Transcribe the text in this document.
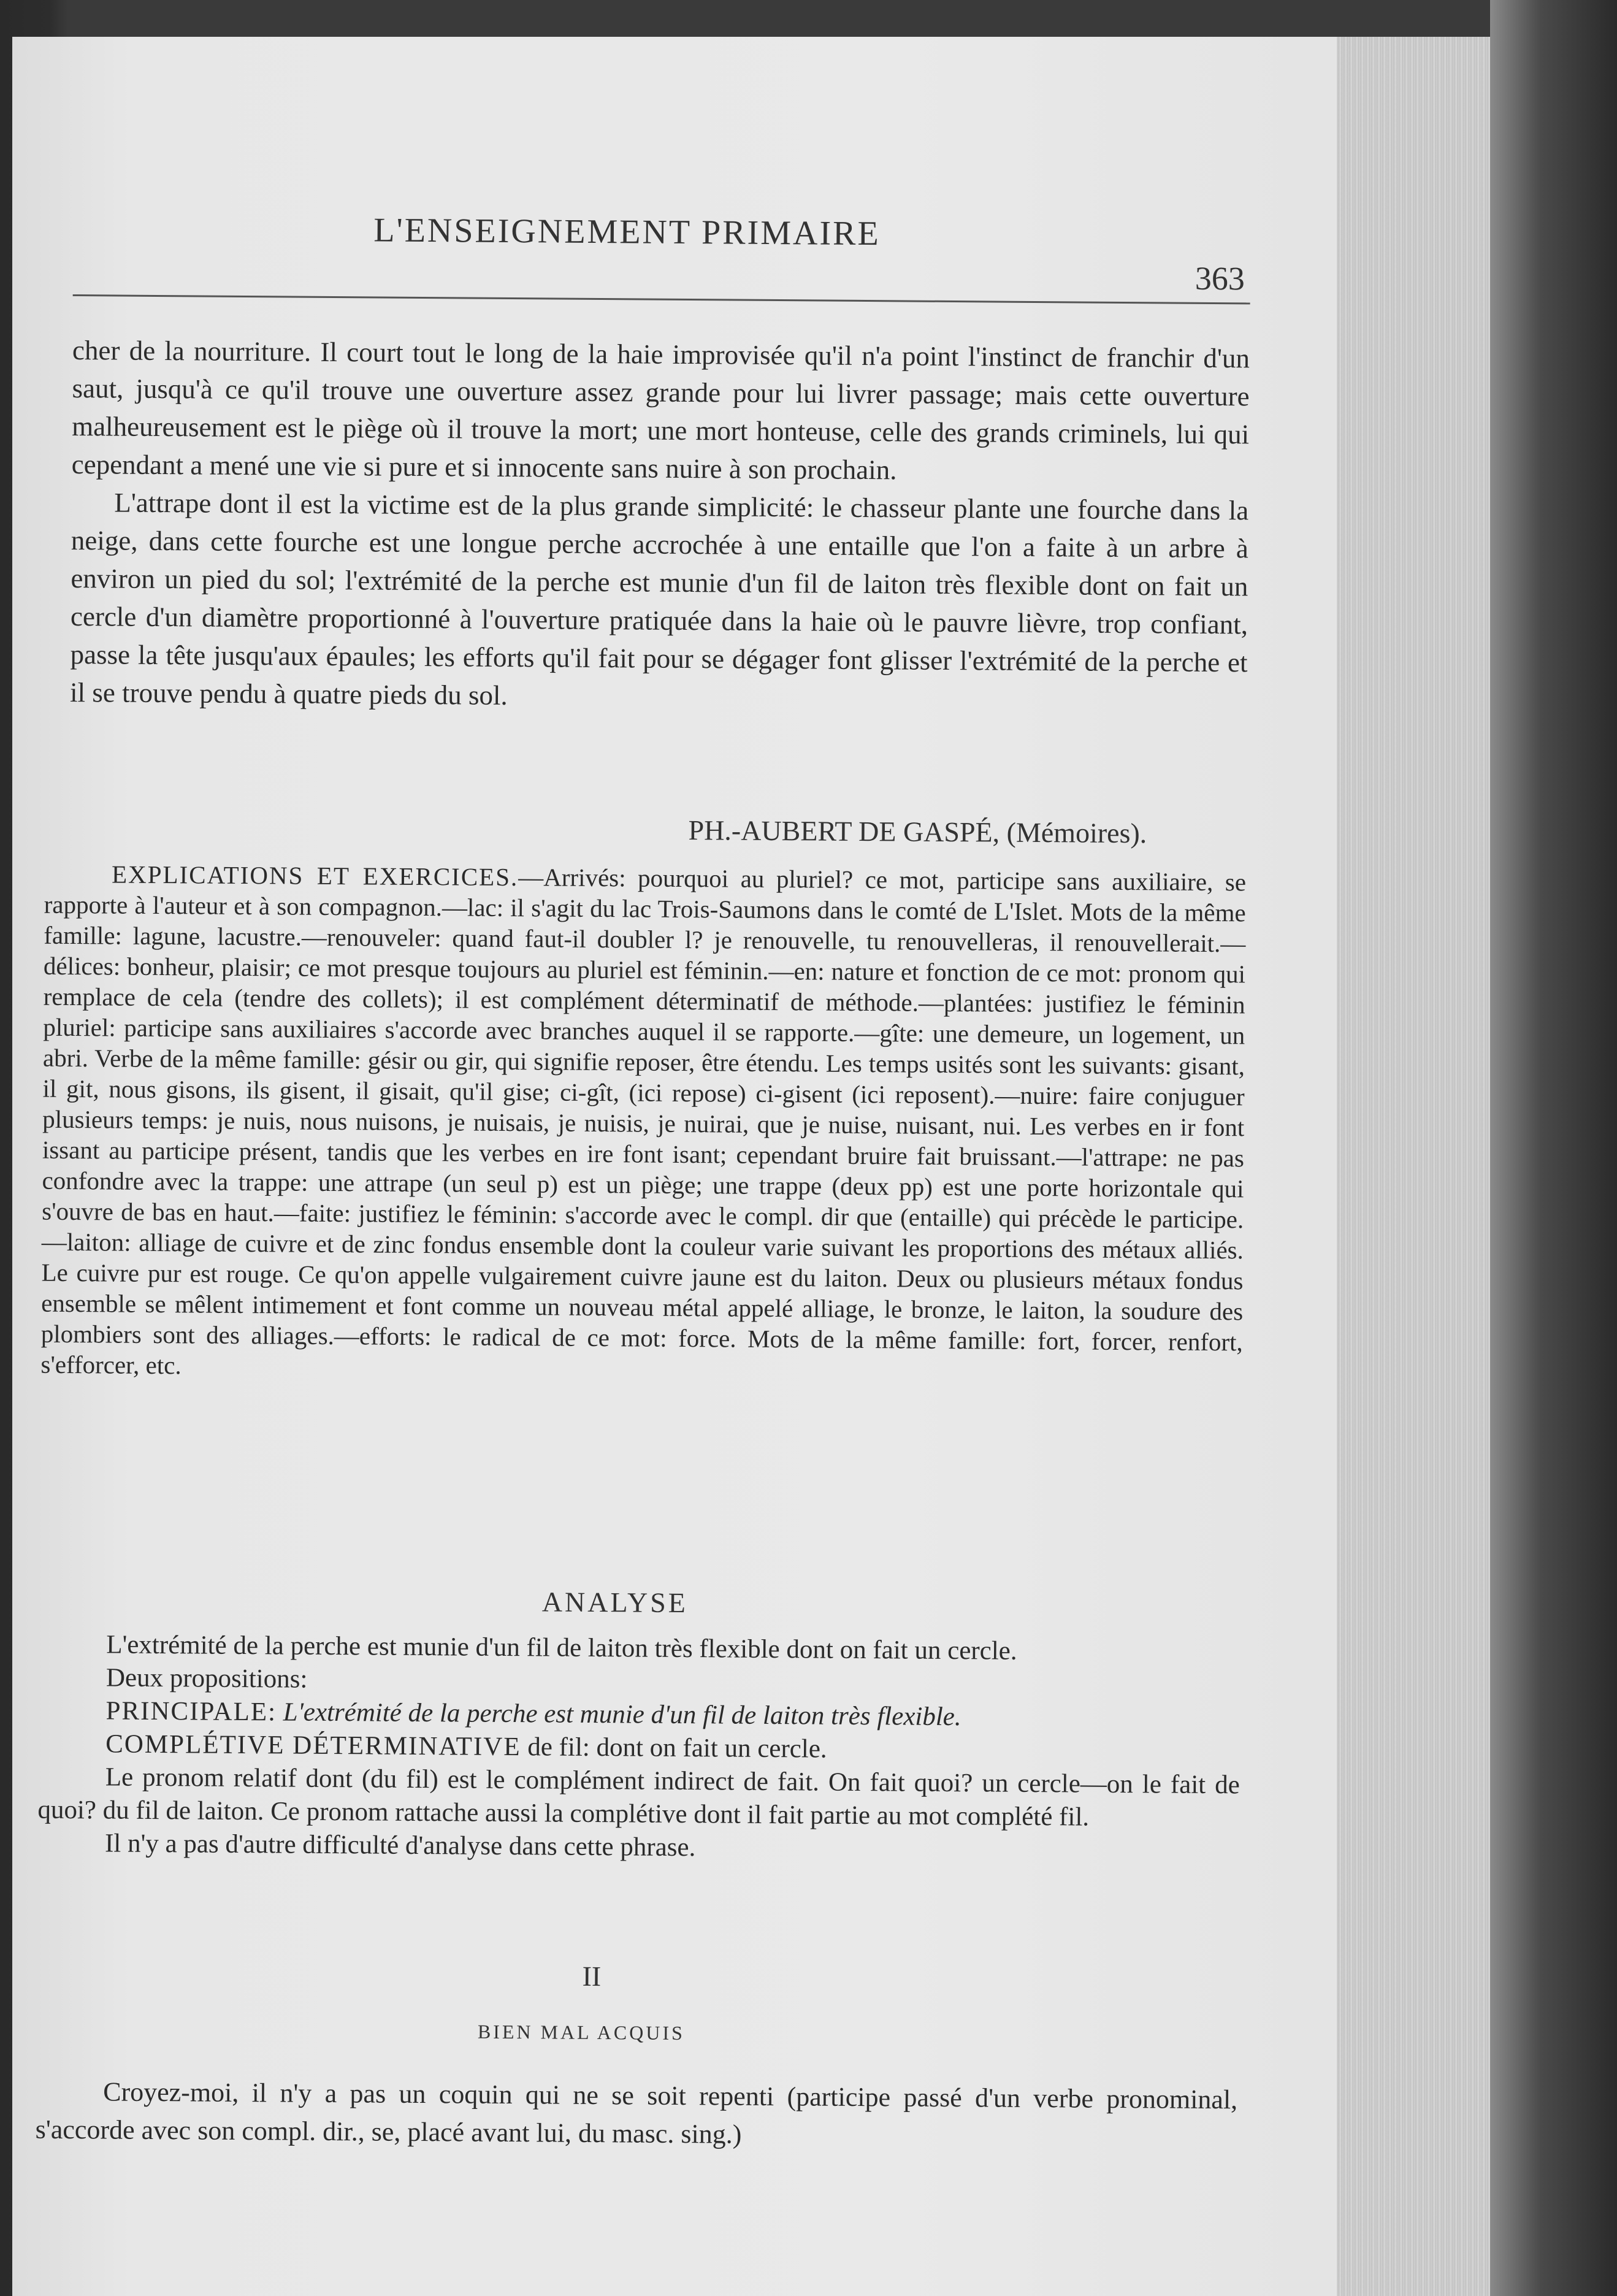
L'ENSEIGNEMENT PRIMAIRE
363

cher de la nourriture. Il court tout le long de la haie improvisée qu'il n'a point l'instinct de franchir d'un saut, jusqu'à ce qu'il trouve une ouverture assez grande pour lui livrer passage; mais cette ouverture malheureusement est le piège où il trouve la mort; une mort honteuse, celle des grands criminels, lui qui cependant a mené une vie si pure et si innocente sans nuire à son prochain.

L'attrape dont il est la victime est de la plus grande simplicité: le chasseur plante une fourche dans la neige, dans cette fourche est une longue perche accrochée à une entaille que l'on a faite à un arbre à environ un pied du sol; l'extrémité de la perche est munie d'un fil de laiton très flexible dont on fait un cercle d'un diamètre proportionné à l'ouverture pratiquée dans la haie où le pauvre lièvre, trop confiant, passe la tête jusqu'aux épaules; les efforts qu'il fait pour se dégager font glisser l'extrémité de la perche et il se trouve pendu à quatre pieds du sol.

PH.-AUBERT DE GASPÉ, (Mémoires).

EXPLICATIONS ET EXERCICES.—Arrivés: pourquoi au pluriel? ce mot, participe sans auxiliaire, se rapporte à l'auteur et à son compagnon.—lac: il s'agit du lac Trois-Saumons dans le comté de L'Islet. Mots de la même famille: lagune, lacustre.—renouveler: quand faut-il doubler l? je renouvelle, tu renouvelleras, il renouvellerait.—délices: bonheur, plaisir; ce mot presque toujours au pluriel est féminin.—en: nature et fonction de ce mot: pronom qui remplace de cela (tendre des collets); il est complément déterminatif de méthode.—plantées: justifiez le féminin pluriel: participe sans auxiliaires s'accorde avec branches auquel il se rapporte.—gîte: une demeure, un logement, un abri. Verbe de la même famille: gésir ou gir, qui signifie reposer, être étendu. Les temps usités sont les suivants: gisant, il git, nous gisons, ils gisent, il gisait, qu'il gise; ci-gît, (ici repose) ci-gisent (ici reposent).—nuire: faire conjuguer plusieurs temps: je nuis, nous nuisons, je nuisais, je nuisis, je nuirai, que je nuise, nuisant, nui. Les verbes en ir font issant au participe présent, tandis que les verbes en ire font isant; cependant bruire fait bruissant.—l'attrape: ne pas confondre avec la trappe: une attrape (un seul p) est un piège; une trappe (deux pp) est une porte horizontale qui s'ouvre de bas en haut.—faite: justifiez le féminin: s'accorde avec le compl. dir que (entaille) qui précède le participe.—laiton: alliage de cuivre et de zinc fondus ensemble dont la couleur varie suivant les proportions des métaux alliés. Le cuivre pur est rouge. Ce qu'on appelle vulgairement cuivre jaune est du laiton. Deux ou plusieurs métaux fondus ensemble se mêlent intimement et font comme un nouveau métal appelé alliage, le bronze, le laiton, la soudure des plombiers sont des alliages.—efforts: le radical de ce mot: force. Mots de la même famille: fort, forcer, renfort, s'efforcer, etc.

ANALYSE

L'extrémité de la perche est munie d'un fil de laiton très flexible dont on fait un cercle.

Deux propositions:

PRINCIPALE: L'extrémité de la perche est munie d'un fil de laiton très flexible.

COMPLÉTIVE DÉTERMINATIVE de fil: dont on fait un cercle.

Le pronom relatif dont (du fil) est le complément indirect de fait. On fait quoi? un cercle—on le fait de quoi? du fil de laiton. Ce pronom rattache aussi la complétive dont il fait partie au mot complété fil.

Il n'y a pas d'autre difficulté d'analyse dans cette phrase.

II
BIEN MAL ACQUIS

Croyez-moi, il n'y a pas un coquin qui ne se soit repenti (participe passé d'un verbe pronominal, s'accorde avec son compl. dir., se, placé avant lui, du masc. sing.)
